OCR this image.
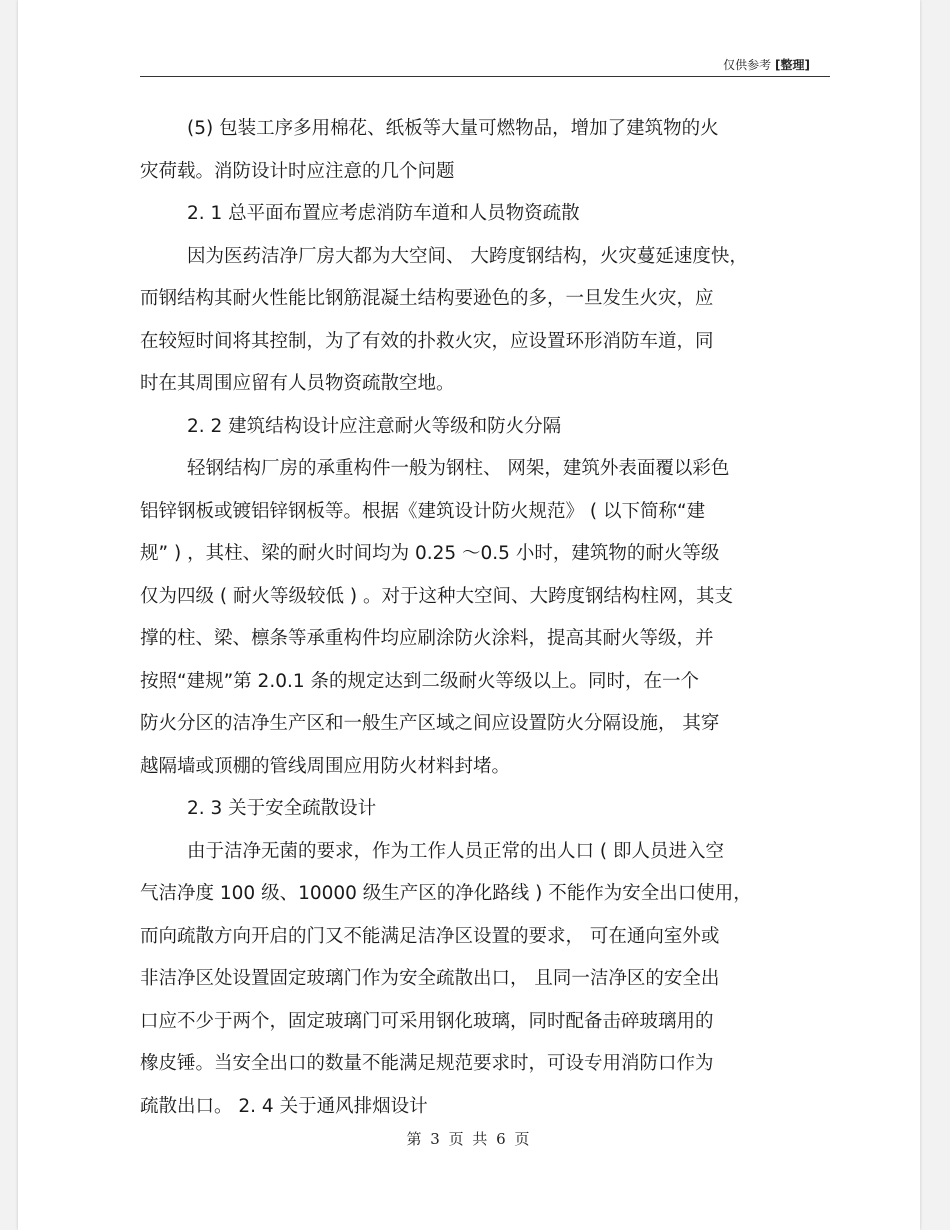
仅供参考 [整理]
(5) 包装工序多用棉花、纸板等大量可燃物品，增加了建筑物的火
灾荷载。消防设计时应注意的几个问题
2. 1 总平面布置应考虑消防车道和人员物资疏散
因为医药洁净厂房大都为大空间、 大跨度钢结构，火灾蔓延速度快，
而钢结构其耐火性能比钢筋混凝土结构要逊色的多，一旦发生火灾，应
在较短时间将其控制，为了有效的扑救火灾，应设置环形消防车道，同
时在其周围应留有人员物资疏散空地。
2. 2 建筑结构设计应注意耐火等级和防火分隔
轻钢结构厂房的承重构件一般为钢柱、 网架，建筑外表面覆以彩色
铝锌钢板或镀铝锌钢板等。根据《建筑设计防火规范》 ( 以下简称“建
规” ) ，其柱、梁的耐火时间均为 0.25 ～0.5 小时，建筑物的耐火等级
仅为四级 ( 耐火等级较低 ) 。对于这种大空间、大跨度钢结构柱网，其支
撑的柱、梁、檩条等承重构件均应刷涂防火涂料，提高其耐火等级，并
按照“建规”第 2.0.1 条的规定达到二级耐火等级以上。同时，在一个
防火分区的洁净生产区和一般生产区域之间应设置防火分隔设施， 其穿
越隔墙或顶棚的管线周围应用防火材料封堵。
2. 3 关于安全疏散设计
由于洁净无菌的要求，作为工作人员正常的出人口 ( 即人员进入空
气洁净度 100 级、10000 级生产区的净化路线 ) 不能作为安全出口使用，
而向疏散方向开启的门又不能满足洁净区设置的要求， 可在通向室外或
非洁净区处设置固定玻璃门作为安全疏散出口， 且同一洁净区的安全出
口应不少于两个，固定玻璃门可采用钢化玻璃，同时配备击碎玻璃用的
橡皮锤。当安全出口的数量不能满足规范要求时，可设专用消防口作为
疏散出口。 2. 4 关于通风排烟设计
第 3 页 共 6 页
